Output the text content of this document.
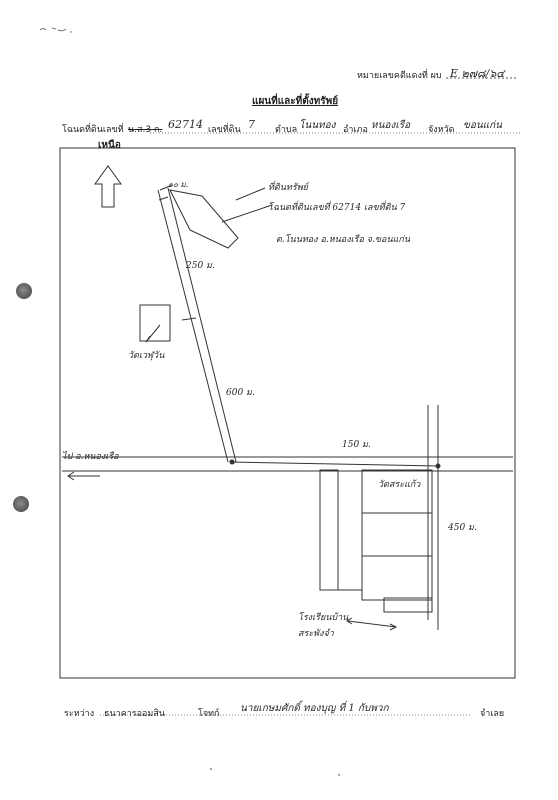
หมายเลขคดีแดงที่ ผบ E ๒๗๘/๖๔
แผนที่และที่ตั้งทรัพย์
โฉนดที่ดินเลขที่ น.ส.3 ก. 62714 เลขที่ดิน 7 ตำบล โนนทอง อำเภอ หนองเรือ จังหวัด ขอนแก่น
เหนือ
๑๐ ม.	ที่ดินทรัพย์
โฉนดที่ดินเลขที่ 62714 เลขที่ดิน 7
ต.โนนทอง อ.หนองเรือ จ.ขอนแก่น
250 ม.
วัดเวฬุวัน
600 ม.
ไป อ.หนองเรือ
150 ม.
วัดสระแก้ว
450 ม.
โรงเรียนบ้าน
สระพังจำ
ระหว่าง ธนาคารออมสิน	โจทก์ นายเกษมศักดิ์ ทองบุญ ที่ 1 กับพวก	จำเลย
